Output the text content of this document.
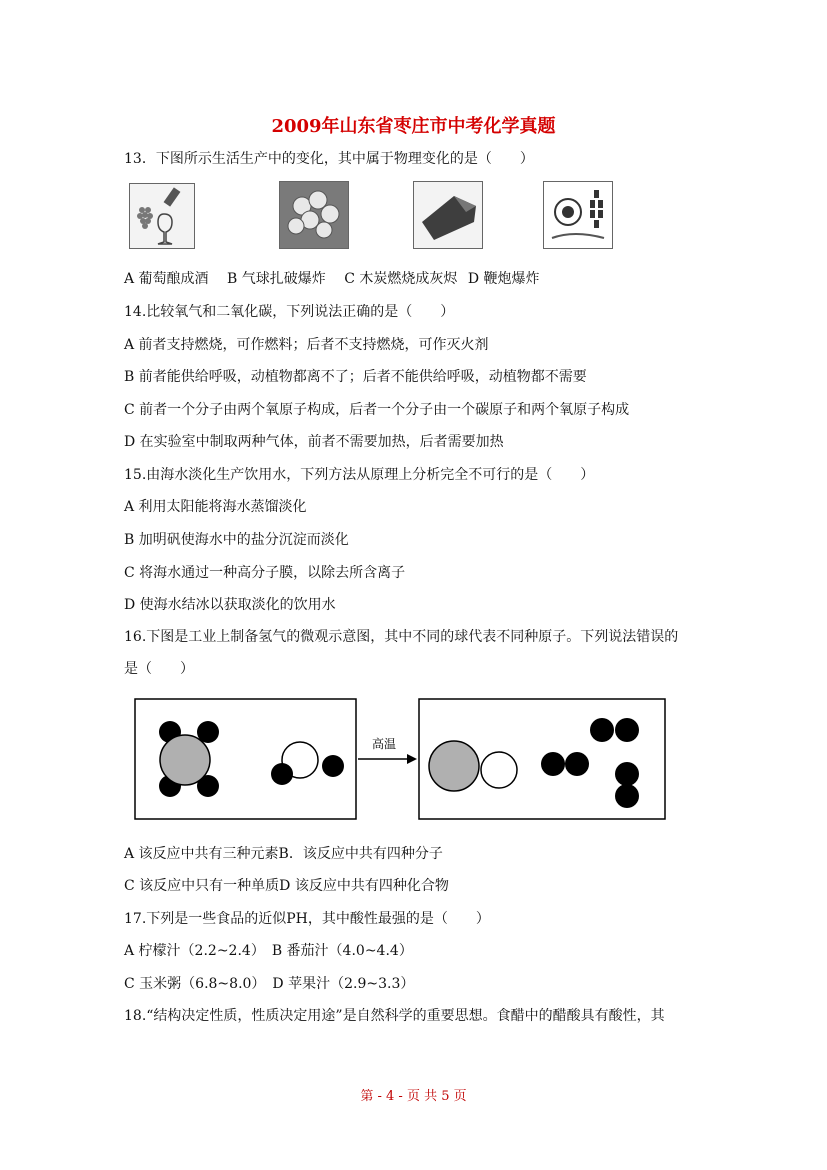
2009年山东省枣庄市中考化学真题
13．下图所示生活生产中的变化，其中属于物理变化的是（　　）
A 葡萄酿成酒 B 气球扎破爆炸 C 木炭燃烧成灰烬 D 鞭炮爆炸
14.比较氧气和二氧化碳，下列说法正确的是（　　）
A 前者支持燃烧，可作燃料；后者不支持燃烧，可作灭火剂
B 前者能供给呼吸，动植物都离不了；后者不能供给呼吸，动植物都不需要
C 前者一个分子由两个氧原子构成，后者一个分子由一个碳原子和两个氧原子构成
D 在实验室中制取两种气体，前者不需要加热，后者需要加热
15.由海水淡化生产饮用水，下列方法从原理上分析完全不可行的是（　　）
A 利用太阳能将海水蒸馏淡化
B 加明矾使海水中的盐分沉淀而淡化
C 将海水通过一种高分子膜，以除去所含离子
D 使海水结冰以获取淡化的饮用水
16.下图是工业上制备氢气的微观示意图，其中不同的球代表不同种原子。下列说法错误的
是（　　）
高温
A 该反应中共有三种元素B．该反应中共有四种分子
C 该反应中只有一种单质D 该反应中共有四种化合物
17.下列是一些食品的近似PH，其中酸性最强的是（　　）
A 柠檬汁（2.2~2.4）　B 番茄汁（4.0~4.4）
C 玉米粥（6.8~8.0）　D 苹果汁（2.9~3.3）
18.“结构决定性质，性质决定用途”是自然科学的重要思想。食醋中的醋酸具有酸性，其
第 - 4 - 页 共 5 页
